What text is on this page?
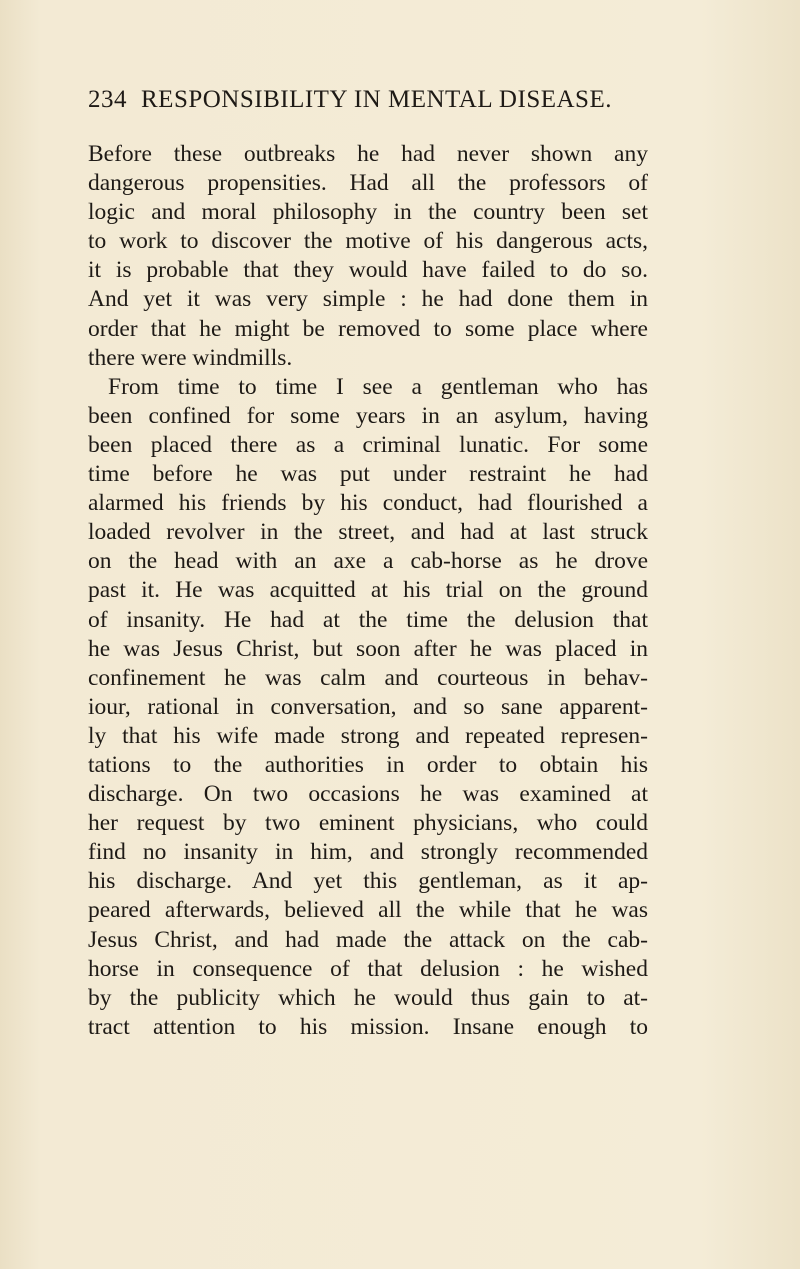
234 RESPONSIBILITY IN MENTAL DISEASE.
Before these outbreaks he had never shown any
dangerous propensities. Had all the professors of
logic and moral philosophy in the country been set
to work to discover the motive of his dangerous acts,
it is probable that they would have failed to do so.
And yet it was very simple : he had done them in
order that he might be removed to some place where
there were windmills.
From time to time I see a gentleman who has
been confined for some years in an asylum, having
been placed there as a criminal lunatic. For some
time before he was put under restraint he had
alarmed his friends by his conduct, had flourished a
loaded revolver in the street, and had at last struck
on the head with an axe a cab-horse as he drove
past it. He was acquitted at his trial on the ground
of insanity. He had at the time the delusion that
he was Jesus Christ, but soon after he was placed in
confinement he was calm and courteous in behav-
iour, rational in conversation, and so sane apparent-
ly that his wife made strong and repeated represen-
tations to the authorities in order to obtain his
discharge. On two occasions he was examined at
her request by two eminent physicians, who could
find no insanity in him, and strongly recommended
his discharge. And yet this gentleman, as it ap-
peared afterwards, believed all the while that he was
Jesus Christ, and had made the attack on the cab-
horse in consequence of that delusion : he wished
by the publicity which he would thus gain to at-
tract attention to his mission. Insane enough to
